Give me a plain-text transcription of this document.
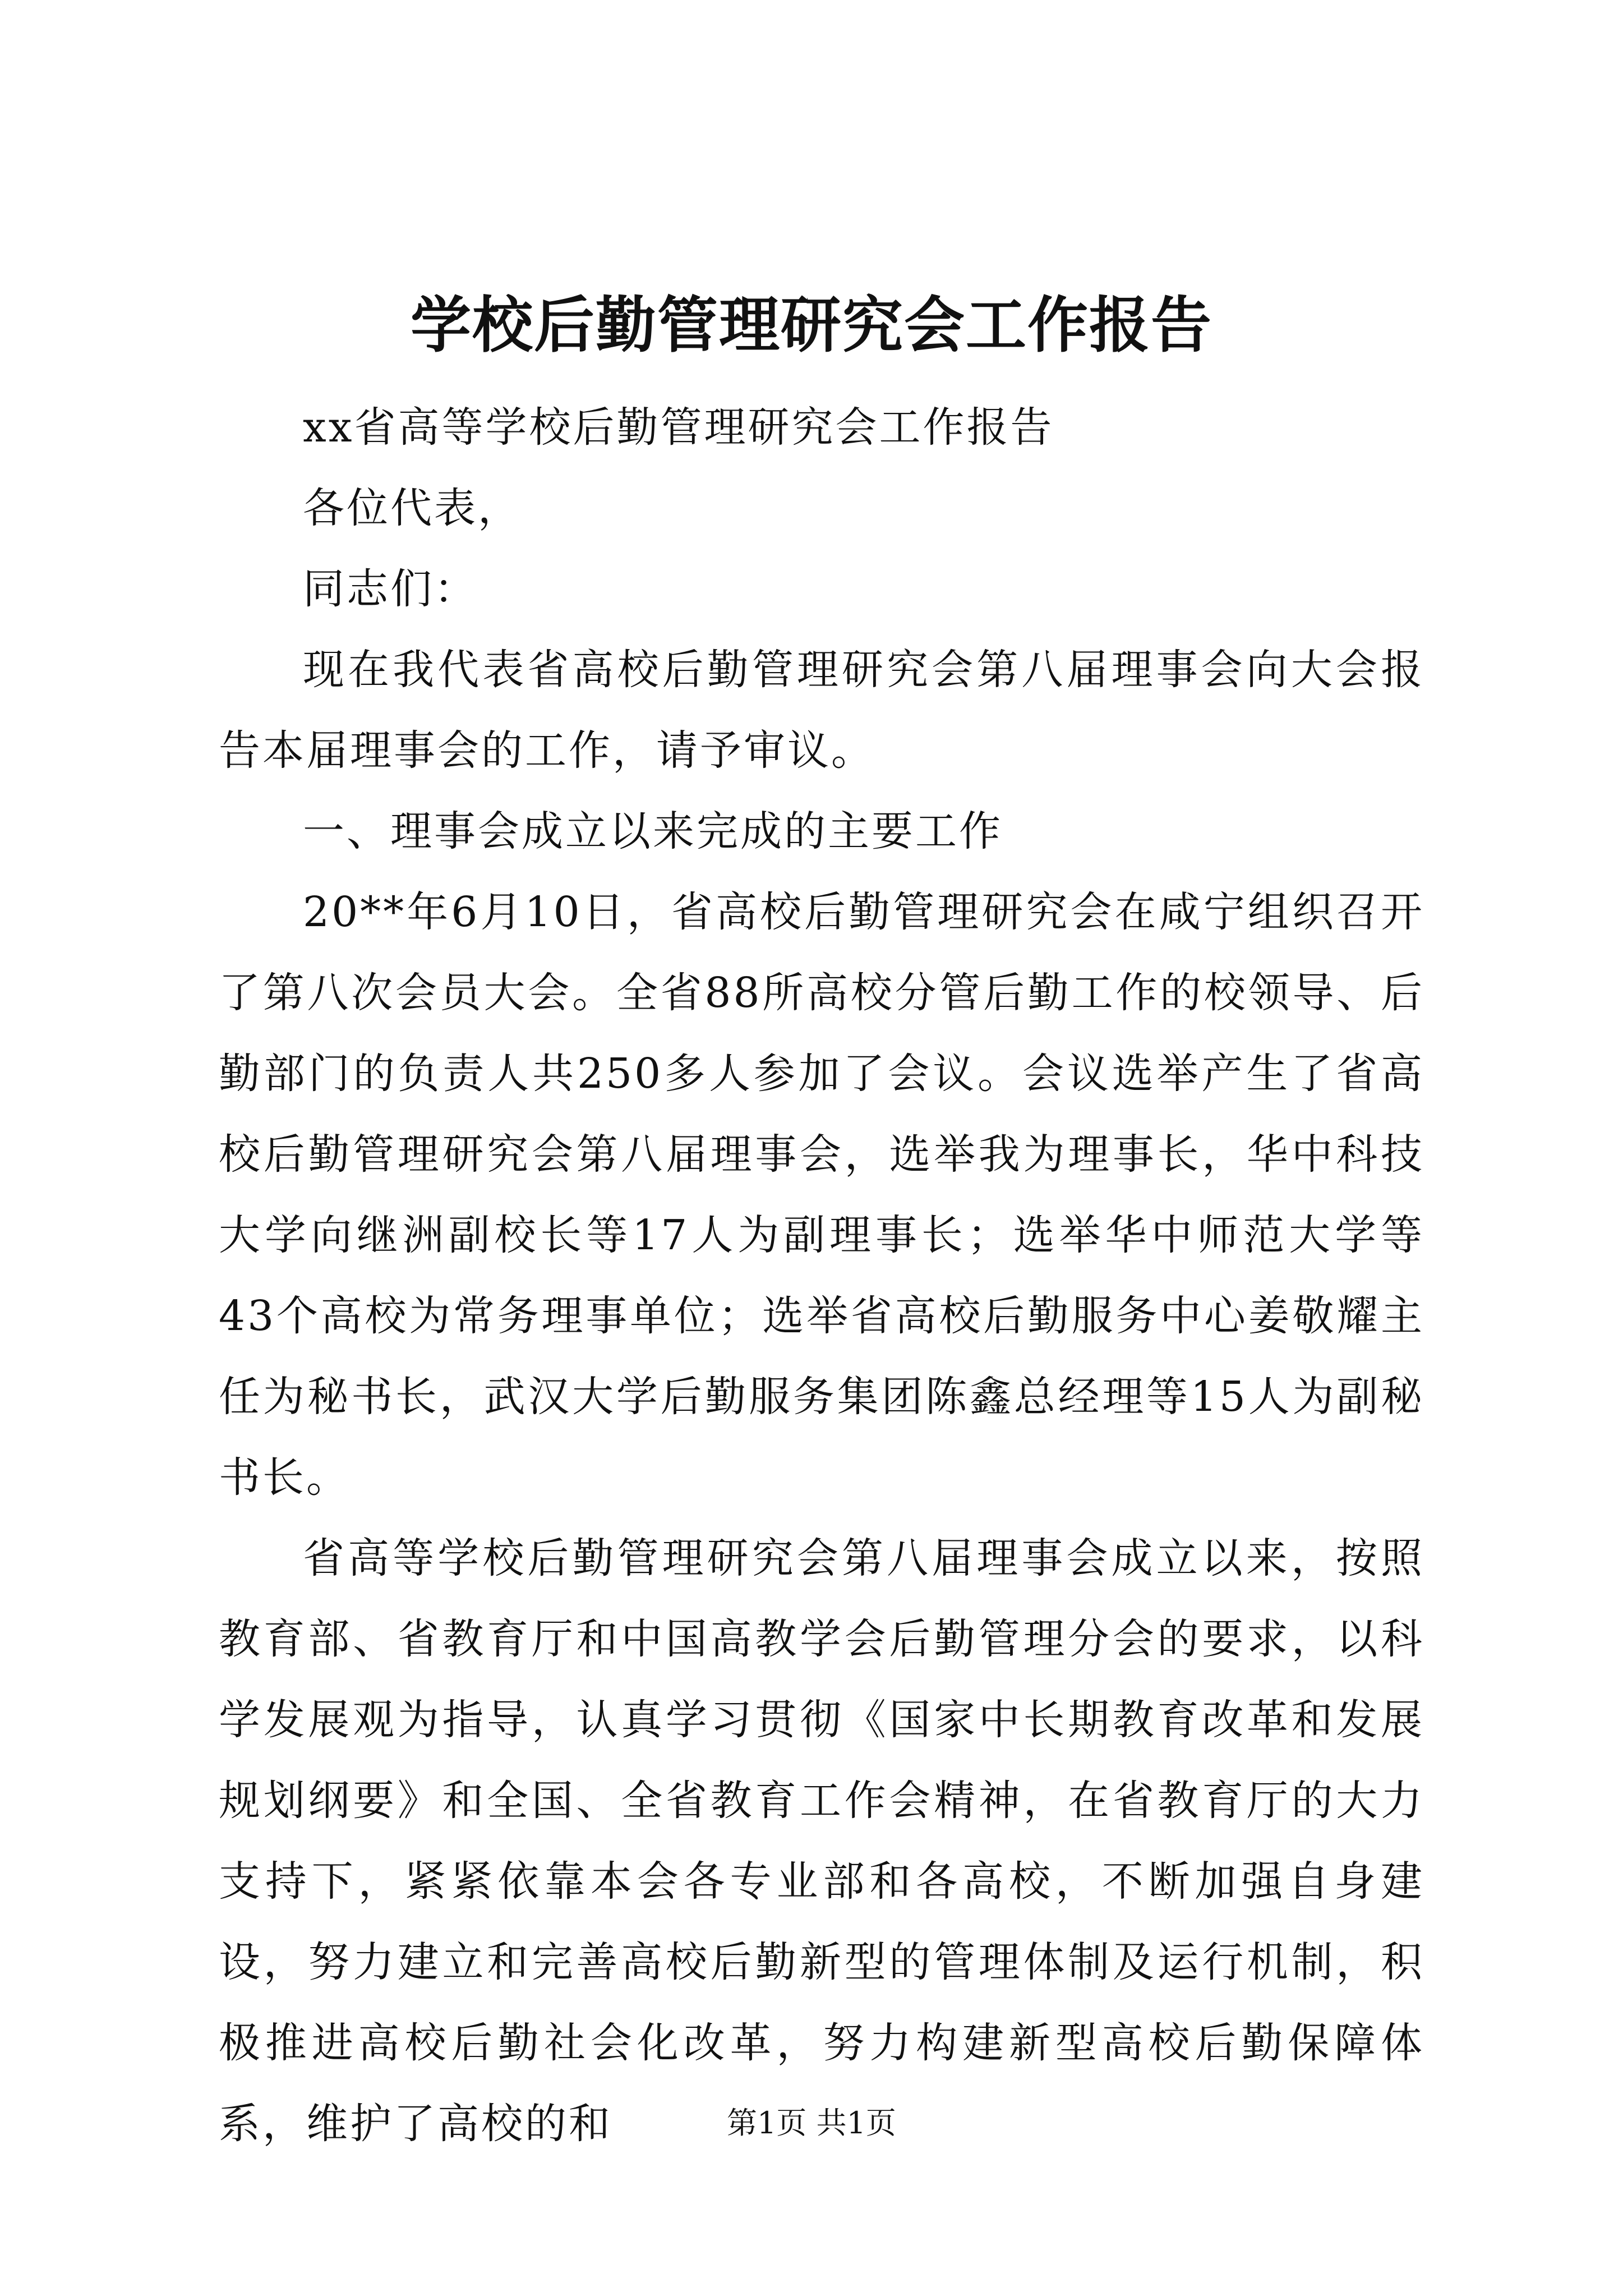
学校后勤管理研究会工作报告

xx省高等学校后勤管理研究会工作报告

各位代表，

同志们：

现在我代表省高校后勤管理研究会第八届理事会向大会报告本届理事会的工作，请予审议。

一、理事会成立以来完成的主要工作

20**年6月10日，省高校后勤管理研究会在咸宁组织召开了第八次会员大会。全省88所高校分管后勤工作的校领导、后勤部门的负责人共250多人参加了会议。会议选举产生了省高校后勤管理研究会第八届理事会，选举我为理事长，华中科技大学向继洲副校长等17人为副理事长；选举华中师范大学等43个高校为常务理事单位；选举省高校后勤服务中心姜敬耀主任为秘书长，武汉大学后勤服务集团陈鑫总经理等15人为副秘书长。

省高等学校后勤管理研究会第八届理事会成立以来，按照教育部、省教育厅和中国高教学会后勤管理分会的要求，以科学发展观为指导，认真学习贯彻《国家中长期教育改革和发展规划纲要》和全国、全省教育工作会精神，在省教育厅的大力支持下，紧紧依靠本会各专业部和各高校，不断加强自身建设，努力建立和完善高校后勤新型的管理体制及运行机制，积极推进高校后勤社会化改革，努力构建新型高校后勤保障体系，维护了高校的和	第1页 共1页
